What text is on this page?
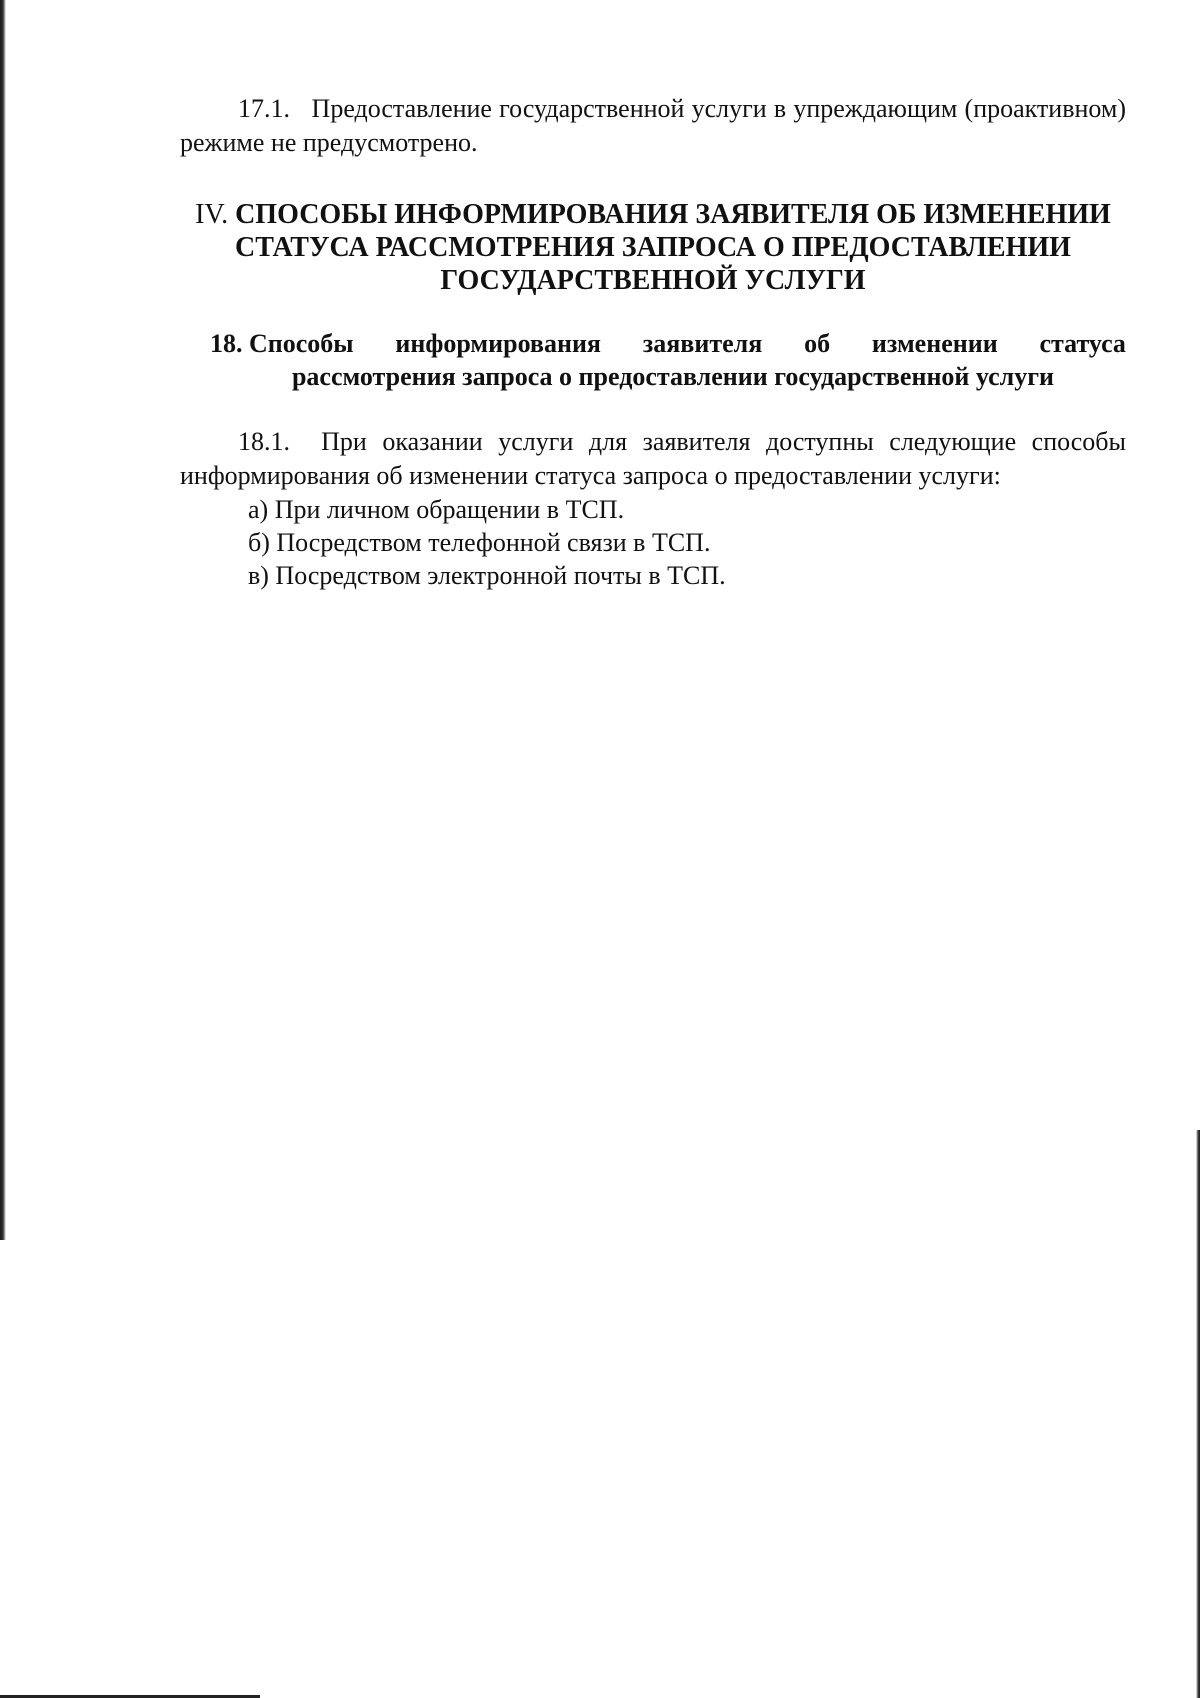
17.1. Предоставление государственной услуги в упреждающим (проактивном) режиме не предусмотрено.

IV. СПОСОБЫ ИНФОРМИРОВАНИЯ ЗАЯВИТЕЛЯ ОБ ИЗМЕНЕНИИ СТАТУСА РАССМОТРЕНИЯ ЗАПРОСА О ПРЕДОСТАВЛЕНИИ ГОСУДАРСТВЕННОЙ УСЛУГИ
18. Способы информирования заявителя об изменении статуса
рассмотрения запроса о предоставлении государственной услуги

18.1. При оказании услуги для заявителя доступны следующие способы информирования об изменении статуса запроса о предоставлении услуги:

а) При личном обращении в ТСП.
б) Посредством телефонной связи в ТСП.
в) Посредством электронной почты в ТСП.
